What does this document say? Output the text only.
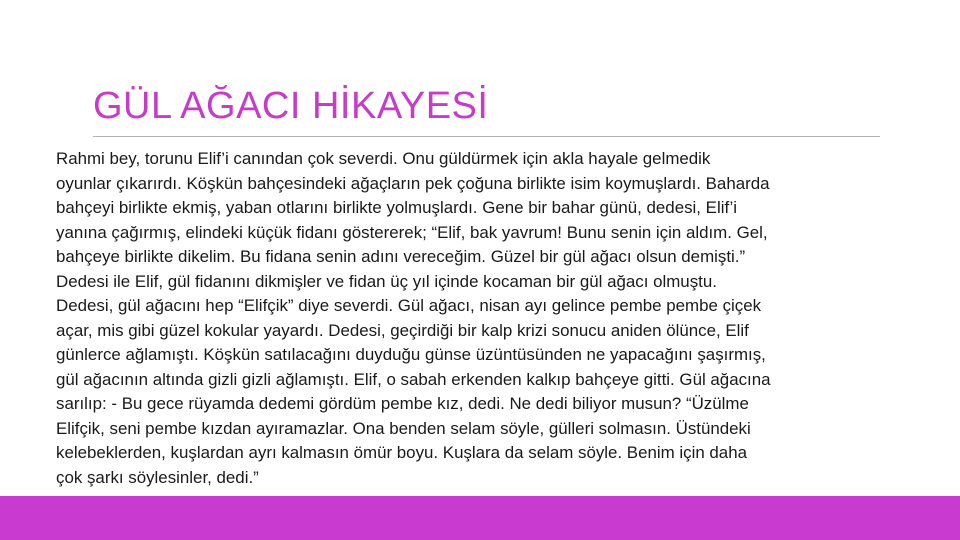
GÜL AĞACI HİKAYESİ

Rahmi bey, torunu Elif’i canından çok severdi. Onu güldürmek için akla hayale gelmedik
oyunlar çıkarırdı. Köşkün bahçesindeki ağaçların pek çoğuna birlikte isim koymuşlardı. Baharda
bahçeyi birlikte ekmiş, yaban otlarını birlikte yolmuşlardı. Gene bir bahar günü, dedesi, Elif’i
yanına çağırmış, elindeki küçük fidanı göstererek; “Elif, bak yavrum! Bunu senin için aldım. Gel,
bahçeye birlikte dikelim. Bu fidana senin adını vereceğim. Güzel bir gül ağacı olsun demişti.”
Dedesi ile Elif, gül fidanını dikmişler ve fidan üç yıl içinde kocaman bir gül ağacı olmuştu.
Dedesi, gül ağacını hep “Elifçik” diye severdi. Gül ağacı, nisan ayı gelince pembe pembe çiçek
açar, mis gibi güzel kokular yayardı. Dedesi, geçirdiği bir kalp krizi sonucu aniden ölünce, Elif
günlerce ağlamıştı. Köşkün satılacağını duyduğu günse üzüntüsünden ne yapacağını şaşırmış,
gül ağacının altında gizli gizli ağlamıştı. Elif, o sabah erkenden kalkıp bahçeye gitti. Gül ağacına
sarılıp: - Bu gece rüyamda dedemi gördüm pembe kız, dedi. Ne dedi biliyor musun? “Üzülme
Elifçik, seni pembe kızdan ayıramazlar. Ona benden selam söyle, gülleri solmasın. Üstündeki
kelebeklerden, kuşlardan ayrı kalmasın ömür boyu. Kuşlara da selam söyle. Benim için daha
çok şarkı söylesinler, dedi.”
